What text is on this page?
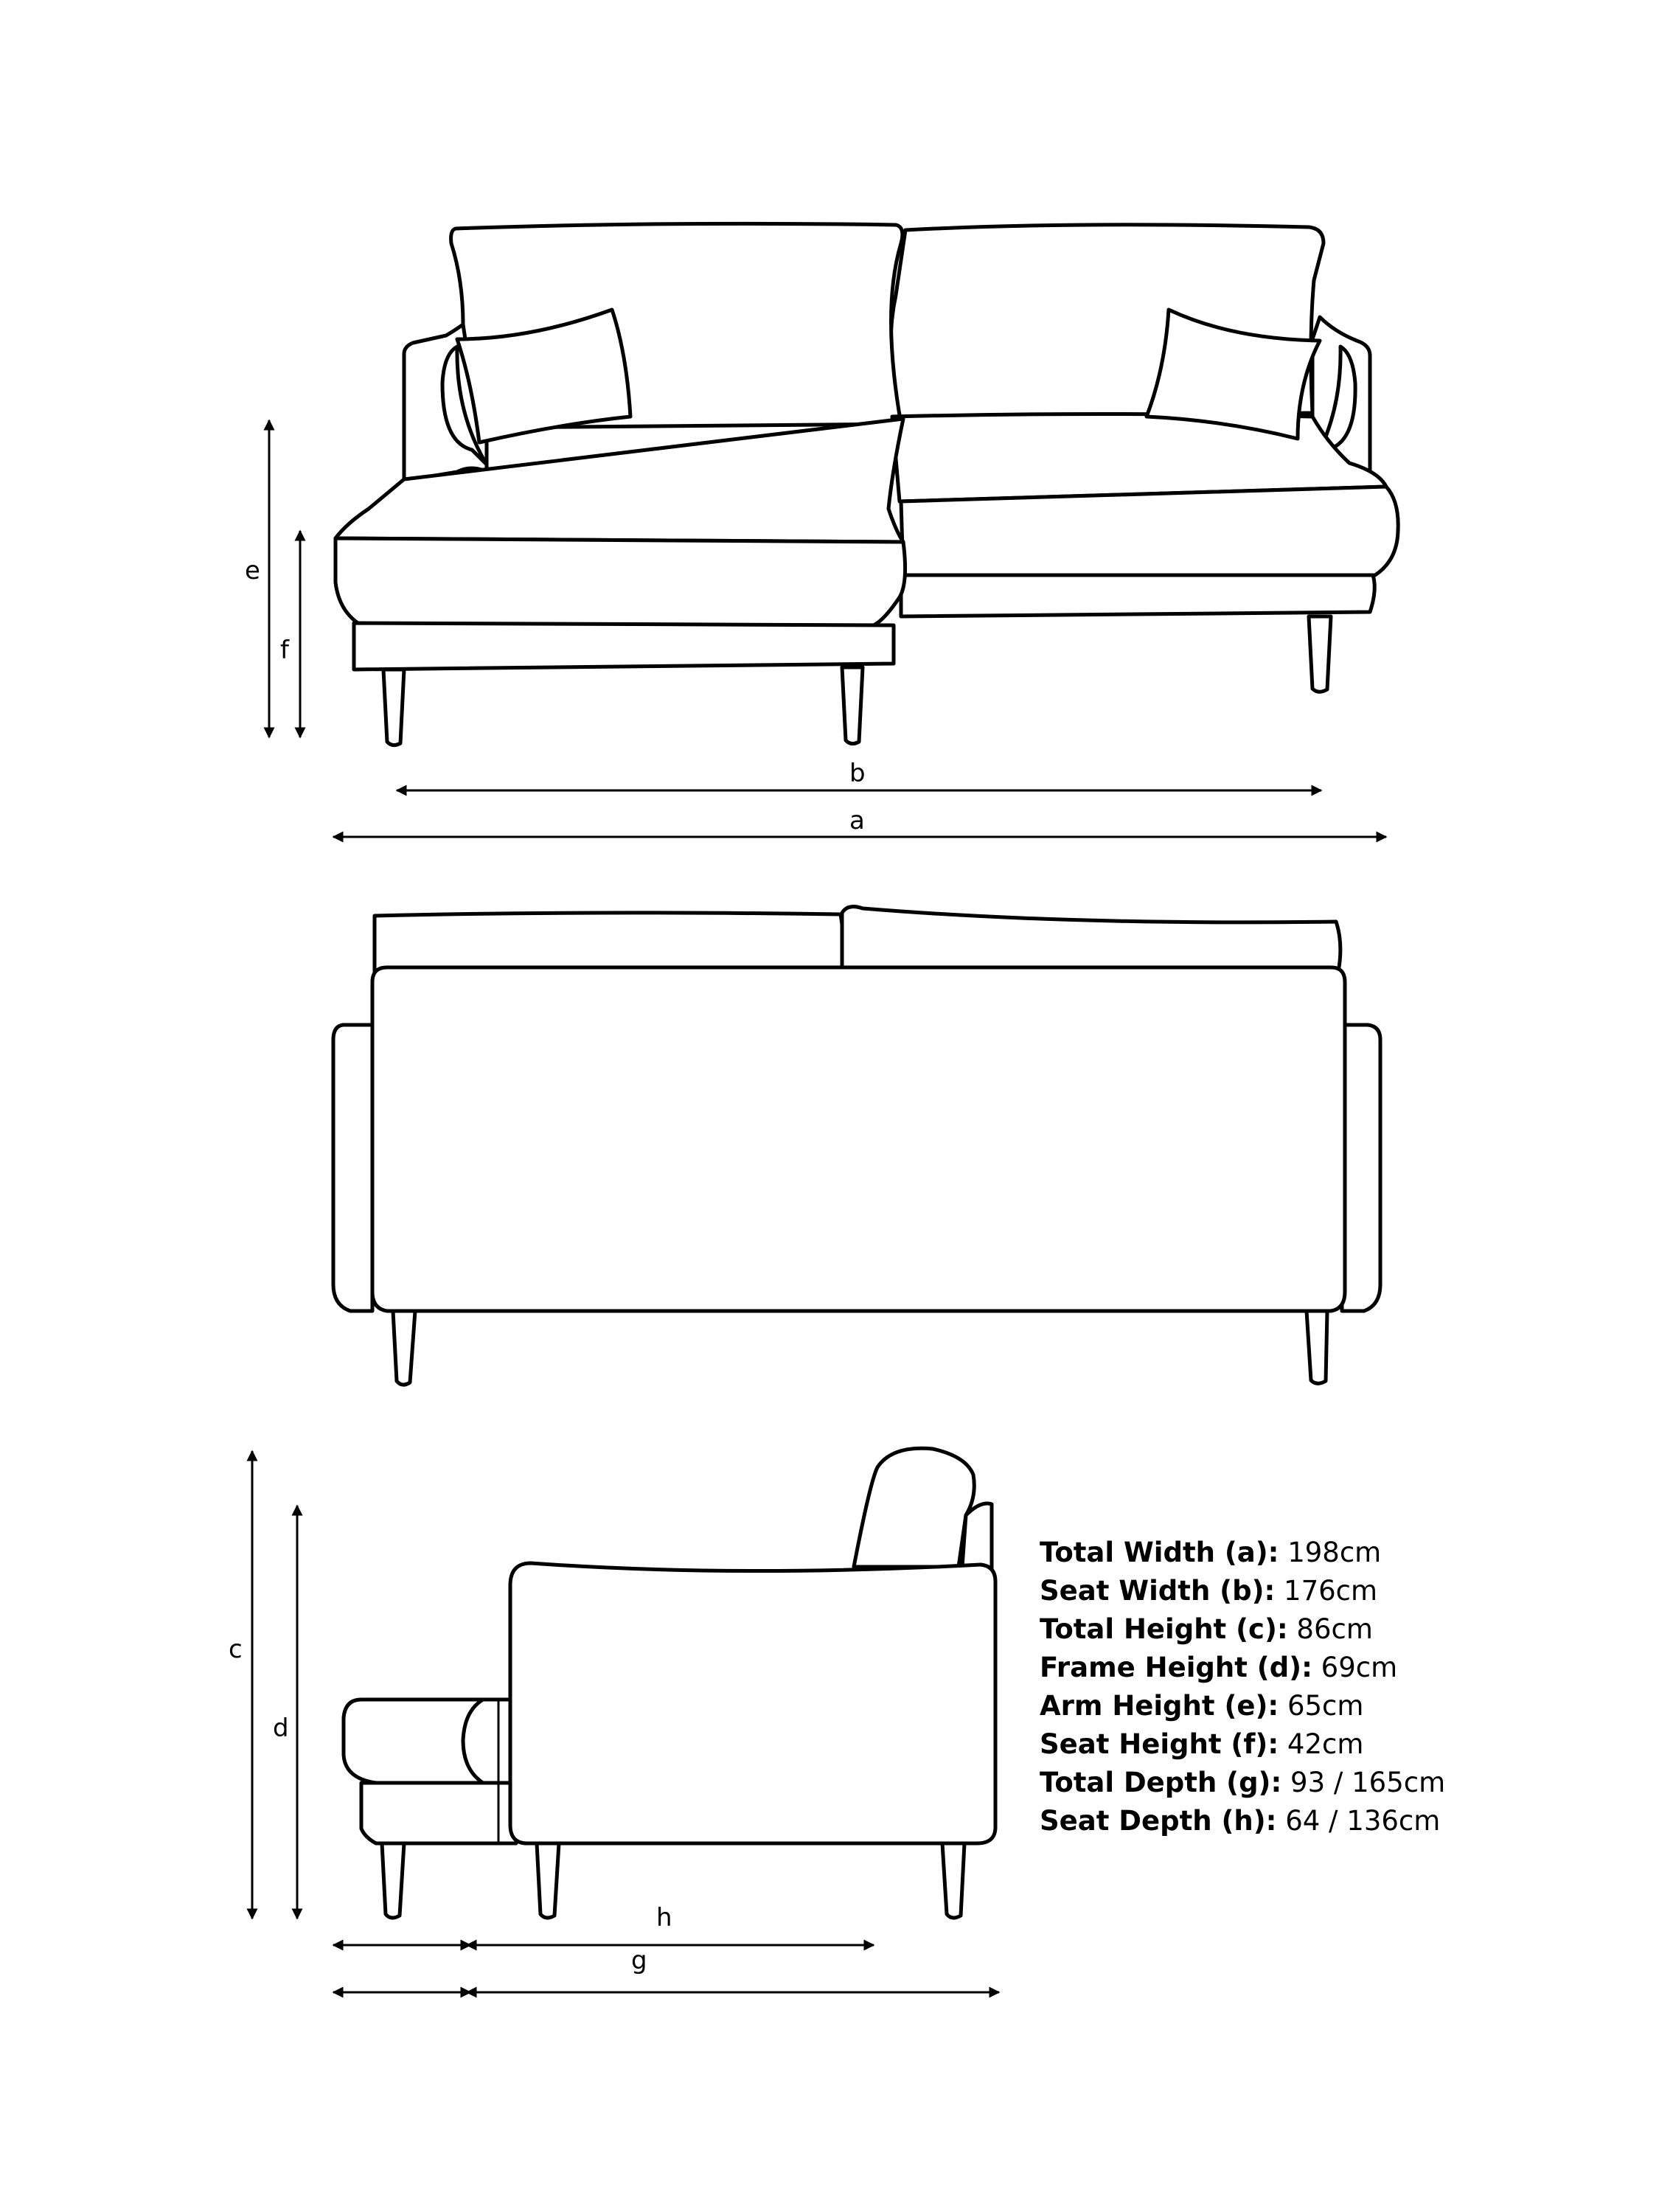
e
f
b
a
c
d
h
g
Total Width (a): 198cm
Seat Width (b): 176cm
Total Height (c): 86cm
Frame Height (d): 69cm
Arm Height (e): 65cm
Seat Height (f): 42cm
Total Depth (g): 93 / 165cm
Seat Depth (h): 64 / 136cm
